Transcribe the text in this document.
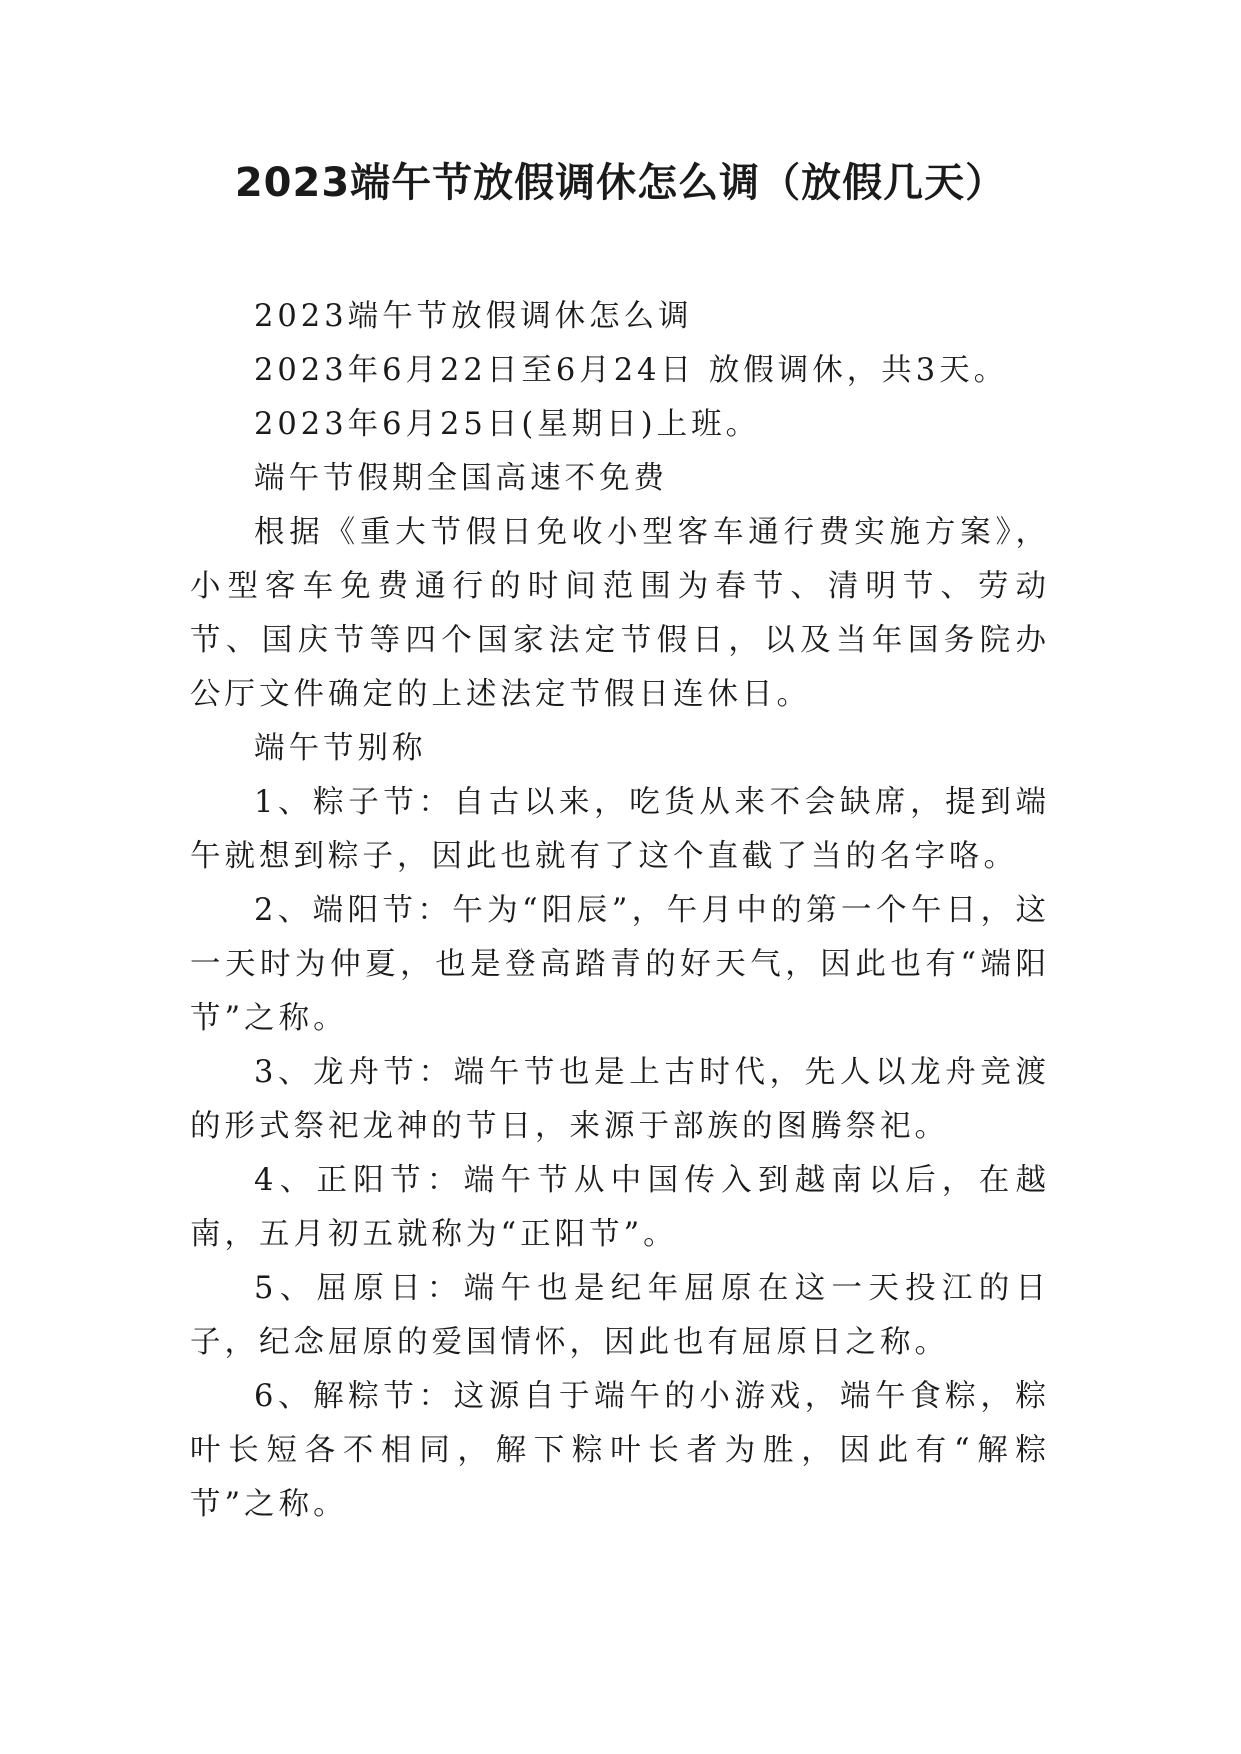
2023端午节放假调休怎么调（放假几天）

2023端午节放假调休怎么调

2023年6月22日至6月24日 放假调休，共3天。

2023年6月25日(星期日)上班。

端午节假期全国高速不免费

根据《重大节假日免收小型客车通行费实施方案》，小型客车免费通行的时间范围为春节、清明节、劳动节、国庆节等四个国家法定节假日，以及当年国务院办公厅文件确定的上述法定节假日连休日。

端午节别称

1、粽子节：自古以来，吃货从来不会缺席，提到端午就想到粽子，因此也就有了这个直截了当的名字咯。

2、端阳节：午为“阳辰”，午月中的第一个午日，这一天时为仲夏，也是登高踏青的好天气，因此也有“端阳节”之称。

3、龙舟节：端午节也是上古时代，先人以龙舟竞渡的形式祭祀龙神的节日，来源于部族的图腾祭祀。

4、正阳节：端午节从中国传入到越南以后，在越南，五月初五就称为“正阳节”。

5、屈原日：端午也是纪年屈原在这一天投江的日子，纪念屈原的爱国情怀，因此也有屈原日之称。

6、解粽节：这源自于端午的小游戏，端午食粽，粽叶长短各不相同，解下粽叶长者为胜，因此有“解粽节”之称。
